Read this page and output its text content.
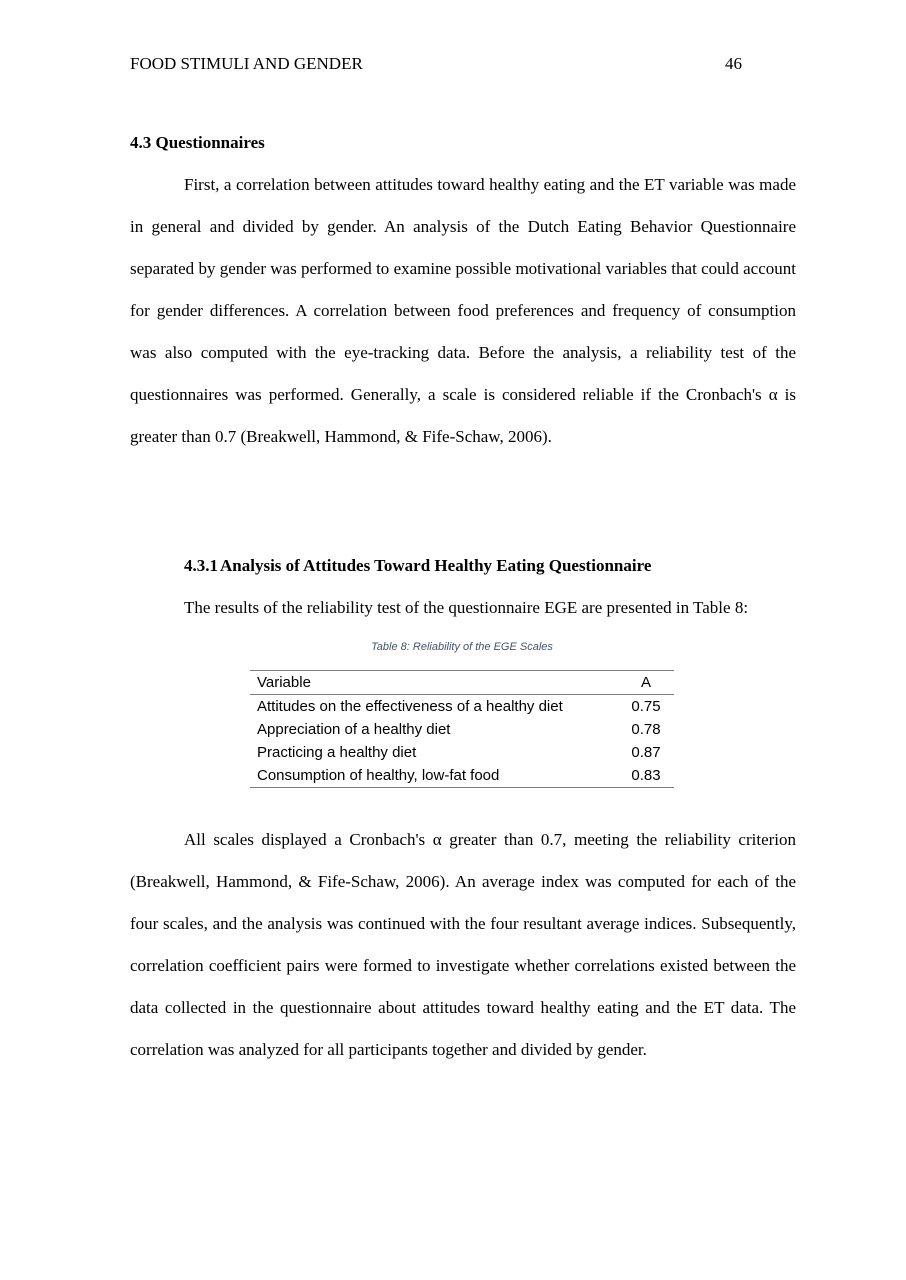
FOOD STIMULI AND GENDER	46
4.3 Questionnaires

First, a correlation between attitudes toward healthy eating and the ET variable was made in general and divided by gender. An analysis of the Dutch Eating Behavior Questionnaire separated by gender was performed to examine possible motivational variables that could account for gender differences. A correlation between food preferences and frequency of consumption was also computed with the eye-tracking data. Before the analysis, a reliability test of the questionnaires was performed. Generally, a scale is considered reliable if the Cronbach's α is greater than 0.7 (Breakwell, Hammond, & Fife-Schaw, 2006).

4.3.1 Analysis of Attitudes Toward Healthy Eating Questionnaire
The results of the reliability test of the questionnaire EGE are presented in Table 8:
Table 8: Reliability of the EGE Scales
Variable	A
Attitudes on the effectiveness of a healthy diet	0.75
Appreciation of a healthy diet	0.78
Practicing a healthy diet	0.87
Consumption of healthy, low-fat food	0.83

All scales displayed a Cronbach's α greater than 0.7, meeting the reliability criterion (Breakwell, Hammond, & Fife-Schaw, 2006). An average index was computed for each of the four scales, and the analysis was continued with the four resultant average indices. Subsequently, correlation coefficient pairs were formed to investigate whether correlations existed between the data collected in the questionnaire about attitudes toward healthy eating and the ET data. The correlation was analyzed for all participants together and divided by gender.
